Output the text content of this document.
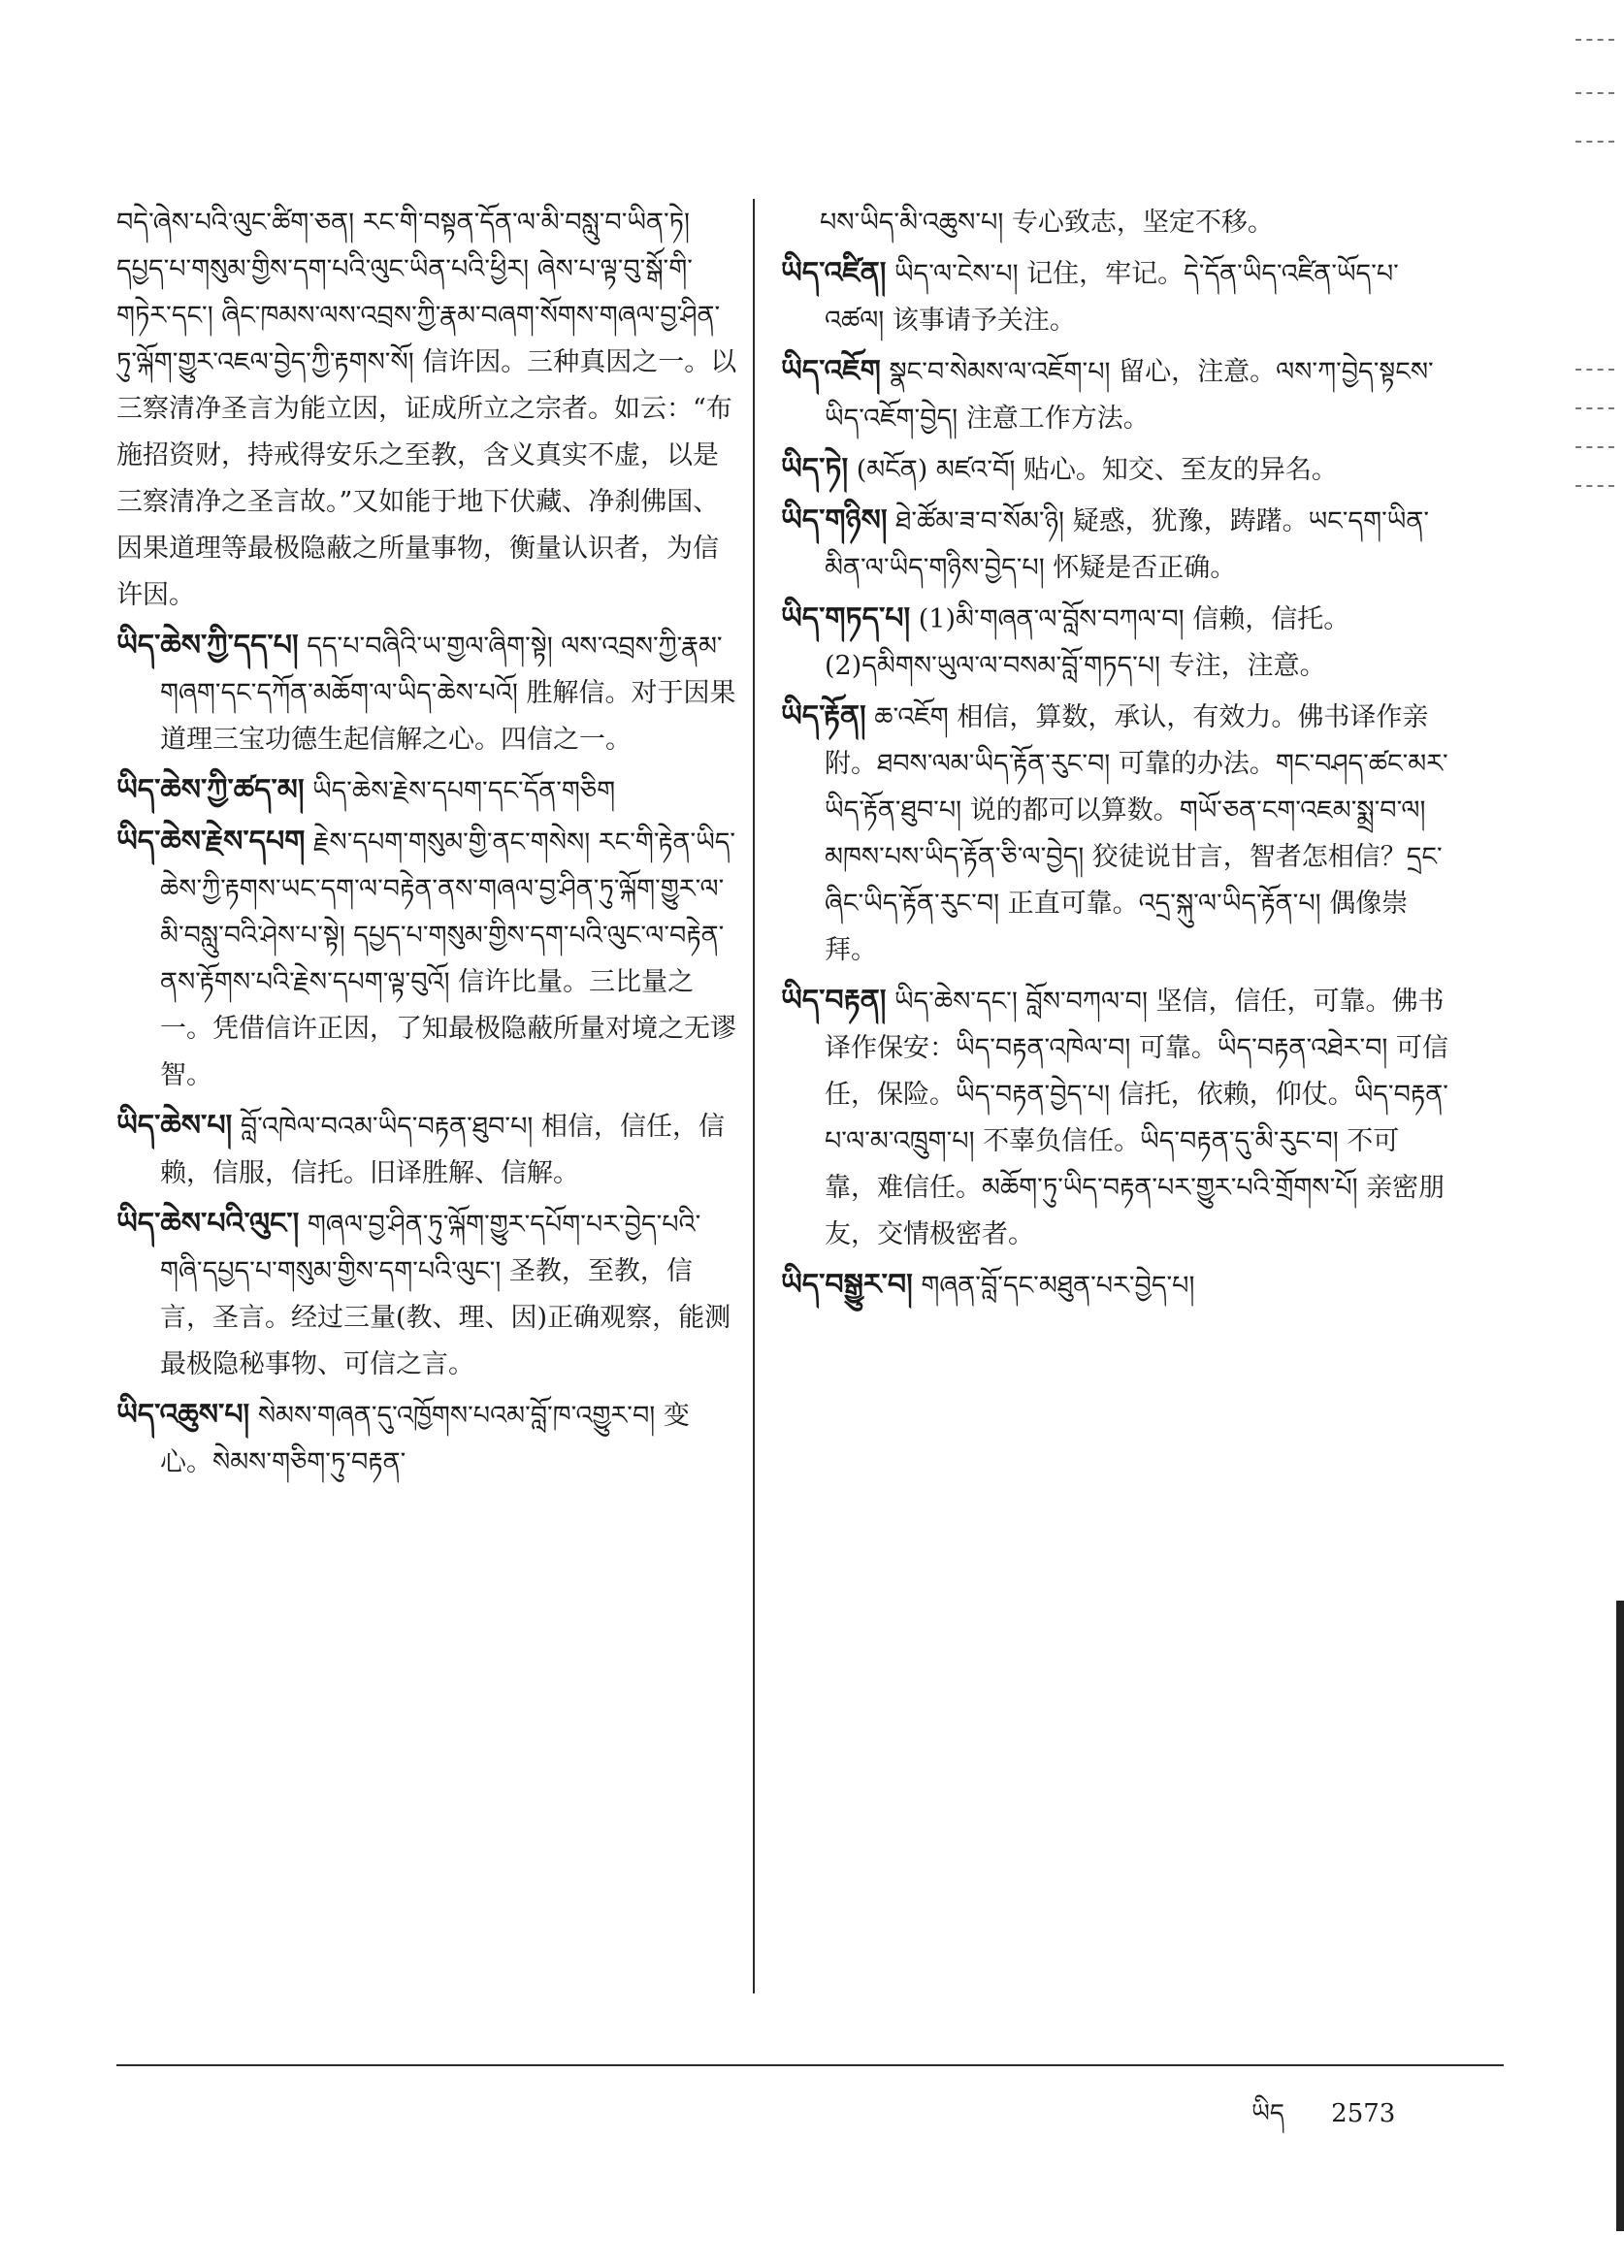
བདེ་ཞེས་པའི་ལུང་ཚིག་ཅན། རང་གི་བསྟན་དོན་ལ་མི་བསླུ་བ་ཡིན་ཏེ། དཔྱད་པ་གསུམ་གྱིས་དག་པའི་ལུང་ཡིན་པའི་ཕྱིར། ཞེས་པ་ལྟ་བུ་སྒོ་གི་གཏེར་དང་། ཞིང་ཁམས་ལས་འབྲས་ཀྱི་རྣམ་བཞག་སོགས་གཞལ་བྱ་ཤིན་ཏུ་ལྐོག་གྱུར་འཇལ་བྱེད་ཀྱི་རྟགས་སོ། 信许因。三种真因之一。以三察清净圣言为能立因，证成所立之宗者。如云：“布施招资财，持戒得安乐之至教，含义真实不虚，以是三察清净之圣言故。”又如能于地下伏藏、净刹佛国、因果道理等最极隐蔽之所量事物，衡量认识者，为信许因。
ཡིད་ཆེས་ཀྱི་དད་པ། དད་པ་བཞིའི་ཡ་གྱལ་ཞིག་སྟེ། ལས་འབྲས་ཀྱི་རྣམ་གཞག་དང་དཀོན་མཆོག་ལ་ཡིད་ཆེས་པའོ། 胜解信。对于因果道理三宝功德生起信解之心。四信之一。
ཡིད་ཆེས་ཀྱི་ཚད་མ། ཡིད་ཆེས་རྗེས་དཔག་དང་དོན་གཅིག
ཡིད་ཆེས་རྗེས་དཔག རྗེས་དཔག་གསུམ་གྱི་ནང་གསེས། རང་གི་རྟེན་ཡིད་ཆེས་ཀྱི་རྟགས་ཡང་དག་ལ་བརྟེན་ནས་གཞལ་བྱ་ཤིན་ཏུ་ལྐོག་གྱུར་ལ་མི་བསླུ་བའི་ཤེས་པ་སྟེ། དཔྱད་པ་གསུམ་གྱིས་དག་པའི་ལུང་ལ་བརྟེན་ནས་རྟོགས་པའི་རྗེས་དཔག་ལྟ་བུའོ། 信许比量。三比量之一。凭借信许正因，了知最极隐蔽所量对境之无谬智。
ཡིད་ཆེས་པ། བློ་འཁེལ་བའམ་ཡིད་བརྟན་ཐུབ་པ། 相信，信任，信赖，信服，信托。旧译胜解、信解。
ཡིད་ཆེས་པའི་ལུང་། གཞལ་བྱ་ཤིན་ཏུ་ལྐོག་གྱུར་དཔོག་པར་བྱེད་པའི་གཞི་དཔྱད་པ་གསུམ་གྱིས་དག་པའི་ལུང་། 圣教，至教，信言，圣言。经过三量(教、理、因)正确观察，能测最极隐秘事物、可信之言。
ཡིད་འཆུས་པ། སེམས་གཞན་དུ་འཁྱོགས་པའམ་བློ་ཁ་འགྱུར་བ། 变心。སེམས་གཅིག་ཏུ་བརྟན་
པས་ཡིད་མི་འཆུས་པ། 专心致志，坚定不移。
ཡིད་འཛིན། ཡིད་ལ་ངེས་པ། 记住，牢记。དེ་དོན་ཡིད་འཛིན་ཡོད་པ་འཚལ། 该事请予关注。
ཡིད་འཇོག སྣང་བ་སེམས་ལ་འཇོག་པ། 留心，注意。ལས་ཀ་བྱེད་སྟངས་ཡིད་འཇོག་བྱེད། 注意工作方法。
ཡིད་ཏེ། (མངོན) མཛའ་བོ། 贴心。知交、至友的异名。
ཡིད་གཉིས། ཐེ་ཚོམ་ཟ་བ་སོམ་ཉི། 疑惑，犹豫，踌躇。ཡང་དག་ཡིན་མིན་ལ་ཡིད་གཉིས་བྱེད་པ། 怀疑是否正确。
ཡིད་གཏད་པ། (1)མི་གཞན་ལ་བློས་བཀལ་བ། 信赖，信托。(2)དམིགས་ཡུལ་ལ་བསམ་བློ་གཏད་པ། 专注，注意。
ཡིད་རྟོན། ཆ་འཇོག 相信，算数，承认，有效力。佛书译作亲附。ཐབས་ལམ་ཡིད་རྟོན་རུང་བ། 可靠的办法。གང་བཤད་ཚང་མར་ཡིད་རྟོན་ཐུབ་པ། 说的都可以算数。གཡོ་ཅན་ངག་འཇམ་སྨྲ་བ་ལ། མཁས་པས་ཡིད་རྟོན་ཅི་ལ་བྱེད། 狡徒说甘言，智者怎相信？དྲང་ཞིང་ཡིད་རྟོན་རུང་བ། 正直可靠。འདྲ་སྐུ་ལ་ཡིད་རྟོན་པ། 偶像崇拜。
ཡིད་བརྟན། ཡིད་ཆེས་དང་། བློས་བཀལ་བ། 坚信，信任，可靠。佛书译作保安：ཡིད་བརྟན་འཁེལ་བ། 可靠。ཡིད་བརྟན་འཐེར་བ། 可信任，保险。ཡིད་བརྟན་བྱེད་པ། 信托，依赖，仰仗。ཡིད་བརྟན་པ་ལ་མ་འཁྲུག་པ། 不辜负信任。ཡིད་བརྟན་དུ་མི་རུང་བ། 不可靠，难信任。མཆོག་ཏུ་ཡིད་བརྟན་པར་གྱུར་པའི་གྲོགས་པོ། 亲密朋友，交情极密者。
ཡིད་བསྒྱུར་བ། གཞན་བློ་དང་མཐུན་པར་བྱེད་པ།
ཡིད 2573
